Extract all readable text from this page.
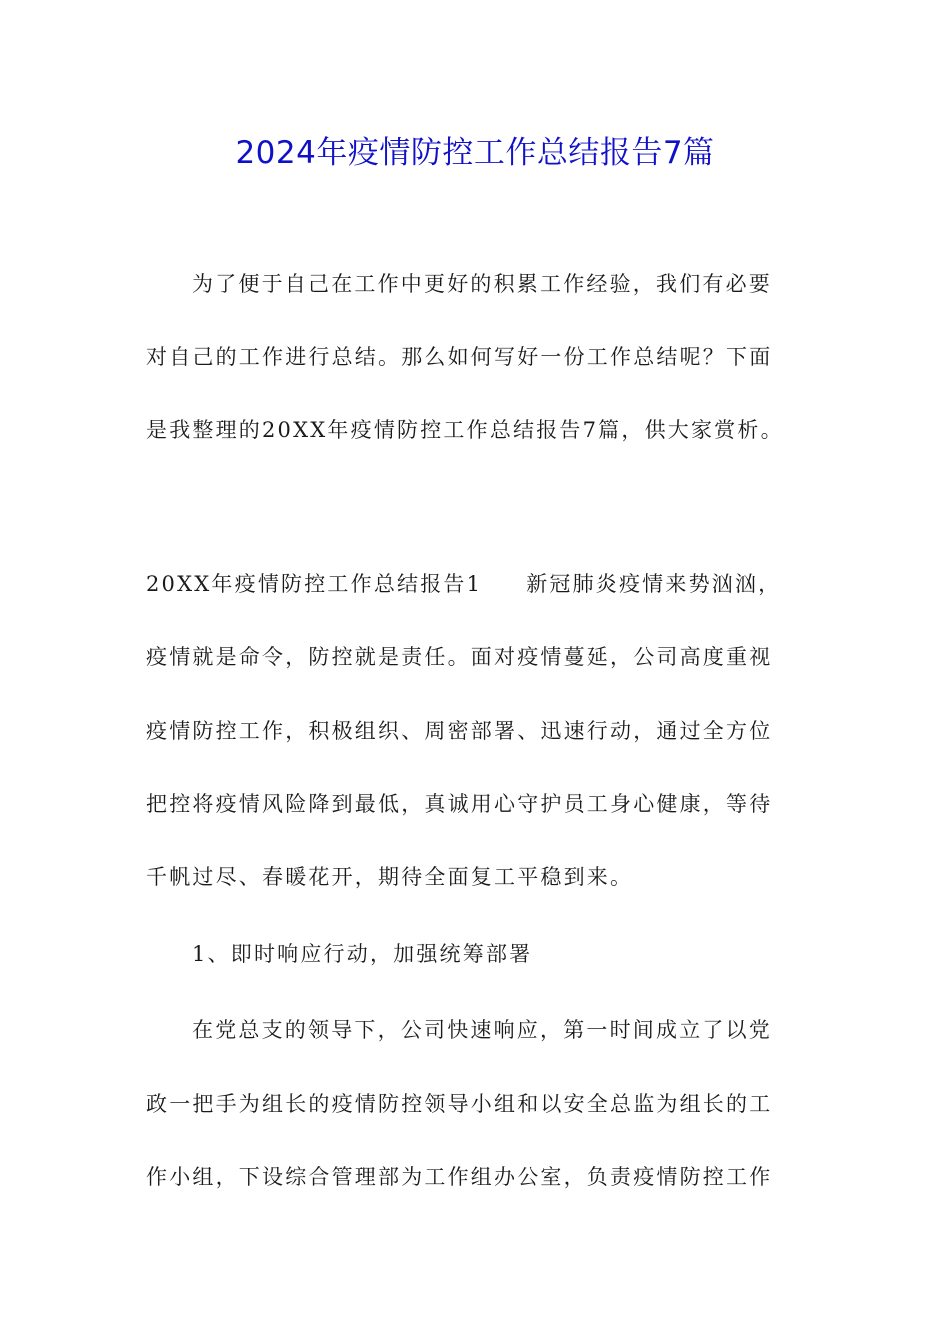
2024年疫情防控工作总结报告7篇
为了便于自己在工作中更好的积累工作经验，我们有必要
对自己的工作进行总结。那么如何写好一份工作总结呢？下面
是我整理的20XX年疫情防控工作总结报告7篇，供大家赏析。
20XX年疫情防控工作总结报告1 新冠肺炎疫情来势汹汹，
疫情就是命令，防控就是责任。面对疫情蔓延，公司高度重视
疫情防控工作，积极组织、周密部署、迅速行动，通过全方位
把控将疫情风险降到最低，真诚用心守护员工身心健康，等待
千帆过尽、春暖花开，期待全面复工平稳到来。
1、即时响应行动，加强统筹部署
在党总支的领导下，公司快速响应，第一时间成立了以党
政一把手为组长的疫情防控领导小组和以安全总监为组长的工
作小组，下设综合管理部为工作组办公室，负责疫情防控工作
